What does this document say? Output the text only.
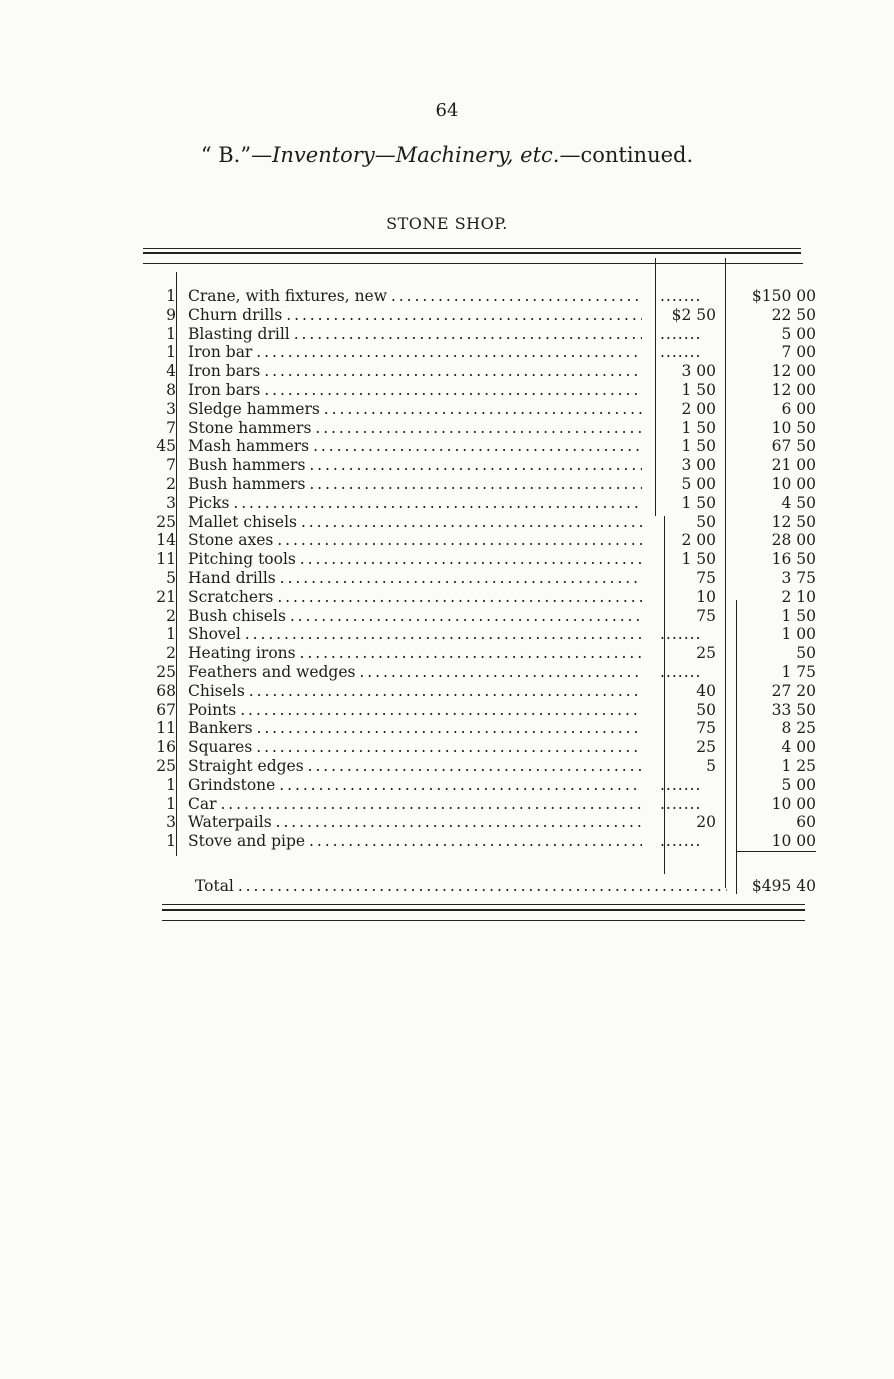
64
“ B.”—Inventory—Machinery, etc.—continued.
STONE SHOP.
1 Crane, with fixtures, new . . .	.......	$150 00
9 Churn drills . . .	$2 50	22 50
1 Blasting drill . . .	.......	5 00
1 Iron bar . . .	.......	7 00
4 Iron bars . . .	3 00	12 00
8 Iron bars . . .	1 50	12 00
3 Sledge hammers . . .	2 00	6 00
7 Stone hammers . . .	1 50	10 50
45 Mash hammers . . .	1 50	67 50
7 Bush hammers . . .	3 00	21 00
2 Bush hammers . . .	5 00	10 00
3 Picks . . .	1 50	4 50
25 Mallet chisels . . .	50	12 50
14 Stone axes . . .	2 00	28 00
11 Pitching tools . . .	1 50	16 50
5 Hand drills . . .	75	3 75
21 Scratchers . . .	10	2 10
2 Bush chisels . . .	75	1 50
1 Shovel . . .	.......	1 00
2 Heating irons . . .	25	50
25 Feathers and wedges . . .	.......	1 75
68 Chisels . . .	40	27 20
67 Points . . .	50	33 50
11 Bankers . . .	75	8 25
16 Squares . . .	25	4 00
25 Straight edges . . .	5	1 25
1 Grindstone . . .	.......	5 00
1 Car . . .	.......	10 00
3 Waterpails . . .	20	60
1 Stove and pipe . . .	.......	10 00
Total . . .	$495 40
